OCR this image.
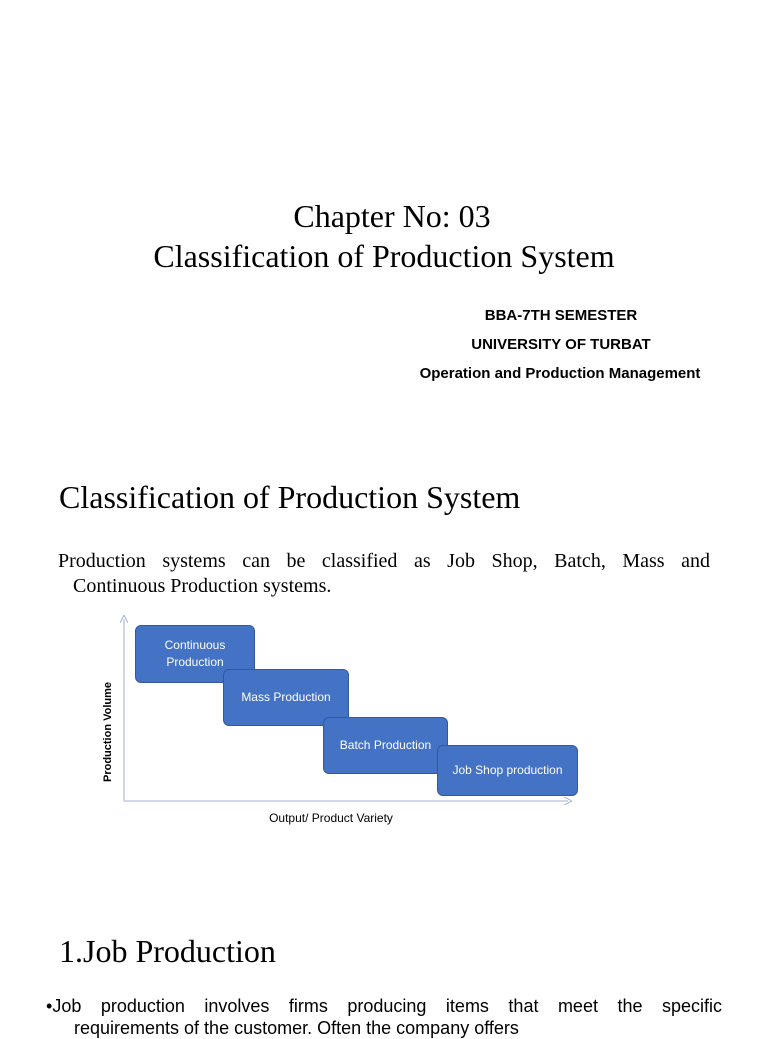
Chapter No: 03
Classification of Production System
BBA-7TH SEMESTER
UNIVERSITY OF TURBAT
Operation and Production Management
Classification of Production System
Production systems can be classified as Job Shop, Batch, Mass and
Continuous Production systems.
Continuous Production
Mass Production
Batch Production
Job Shop production
Output/ Product Variety
Production Volume
1.Job Production
•Job production involves firms producing items that meet the specific
requirements of the customer. Often the company offers
